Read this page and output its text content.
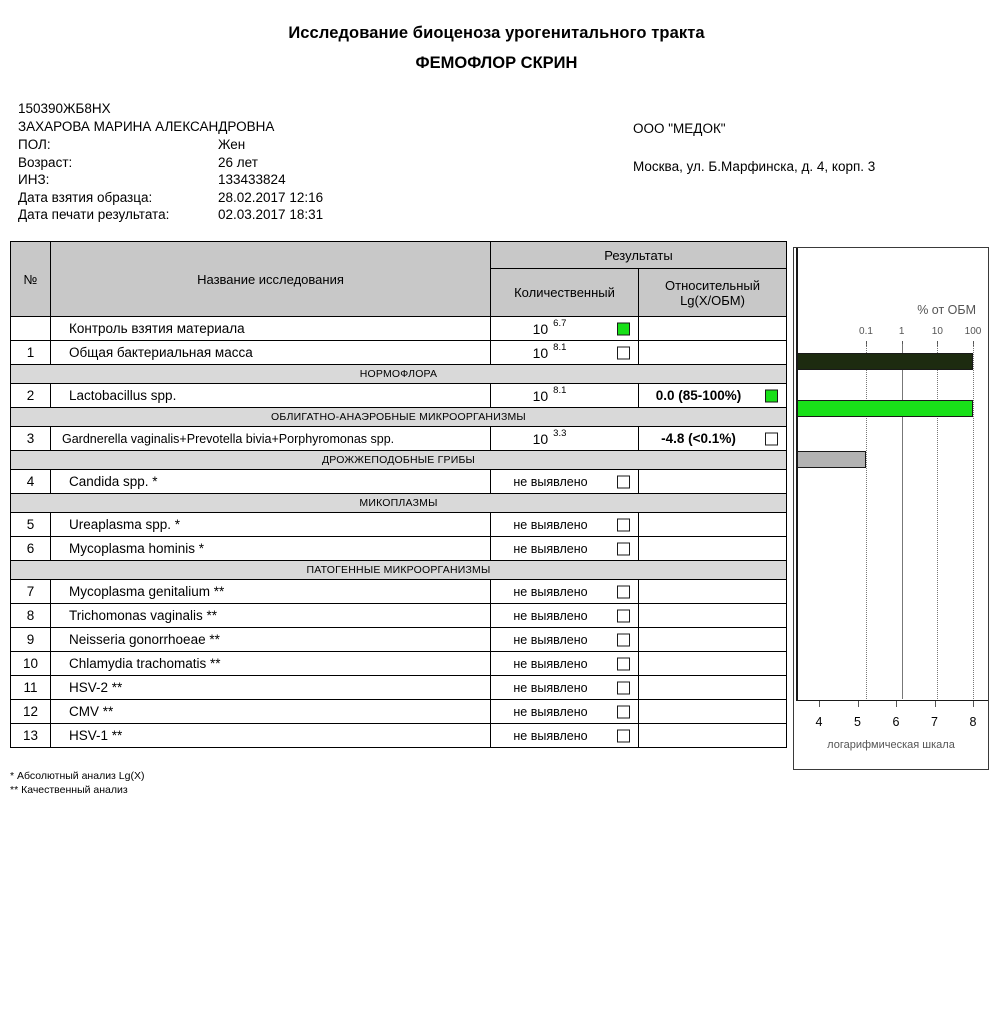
Исследование биоценоза урогенитального тракта
ФЕМОФЛОР СКРИН
150390ЖБ8НХ
ЗАХАРОВА МАРИНА АЛЕКСАНДРОВНА
ПОЛ:	Жен
Возраст:	26 лет
ИНЗ:	133433824
Дата взятия образца:	28.02.2017 12:16
Дата печати результата:	02.03.2017 18:31
ООО "МЕДОК"
Москва, ул. Б.Марфинска, д. 4, корп. 3
№	Название исследования	Результаты	
		Количественный	Относительный
Lg(X/ОБМ)

	Контроль взятия материала	10 6.7	

1	Общая бактериальная масса	10 8.1	

НОРМОФЛОРА			
2	Lactobacillus spp.	10 8.1	0.0 (85-100%)

ОБЛИГАТНО-АНАЭРОБНЫЕ МИКРООРГАНИЗМЫ			
3	Gardnerella vaginalis+Prevotella bivia+Porphyromonas spp.	10 3.3	-4.8 (<0.1%)

ДРОЖЖЕПОДОБНЫЕ ГРИБЫ			
4	Candida spp. *	не выявлено	

МИКОПЛАЗМЫ			
5	Ureaplasma spp. *	не выявлено	

6	Mycoplasma hominis *	не выявлено	

ПАТОГЕННЫЕ МИКРООРГАНИЗМЫ			
7	Mycoplasma genitalium **	не выявлено	

8	Trichomonas vaginalis **	не выявлено	

9	Neisseria gonorrhoeae **	не выявлено	

10	Chlamydia trachomatis **	не выявлено	

11	HSV-2 **	не выявлено	

12	CMV **	не выявлено	

13	HSV-1 **	не выявлено	

* Абсолютный анализ Lg(X)
** Качественный анализ
% от ОБМ
0.1	1	10 100
4	5	6	7	8
логарифмическая шкала
